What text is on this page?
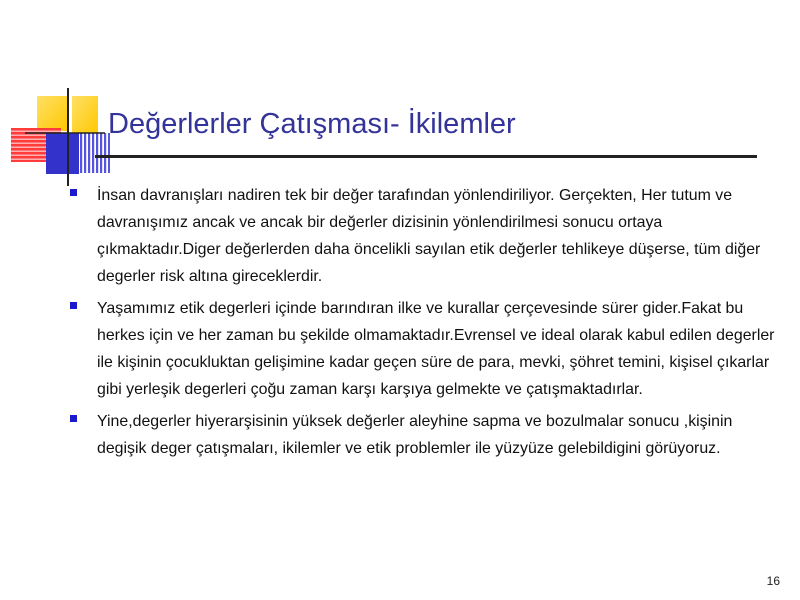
Değerlerler Çatışması- İkilemler
İnsan davranışları nadiren tek bir değer tarafından yönlendiriliyor. Gerçekten, Her tutum ve davranışımız ancak ve ancak bir değerler dizisinin yönlendirilmesi sonucu ortaya çıkmaktadır.Diger değerlerden daha öncelikli sayılan etik değerler tehlikeye düşerse, tüm diğer degerler risk altına gireceklerdir.
Yaşamımız etik degerleri içinde barındıran ilke ve kurallar çerçevesinde sürer gider.Fakat bu herkes için ve her zaman bu şekilde olmamaktadır.Evrensel ve ideal olarak kabul edilen degerler ile kişinin çocukluktan gelişimine kadar geçen süre de para, mevki, şöhret temini, kişisel çıkarlar gibi yerleşik degerleri çoğu zaman karşı karşıya gelmekte ve çatışmaktadırlar.
Yine,degerler hiyerarşisinin yüksek değerler aleyhine sapma ve bozulmalar sonucu ,kişinin degişik deger çatışmaları, ikilemler ve etik problemler ile yüzyüze gelebildigini görüyoruz.
16
